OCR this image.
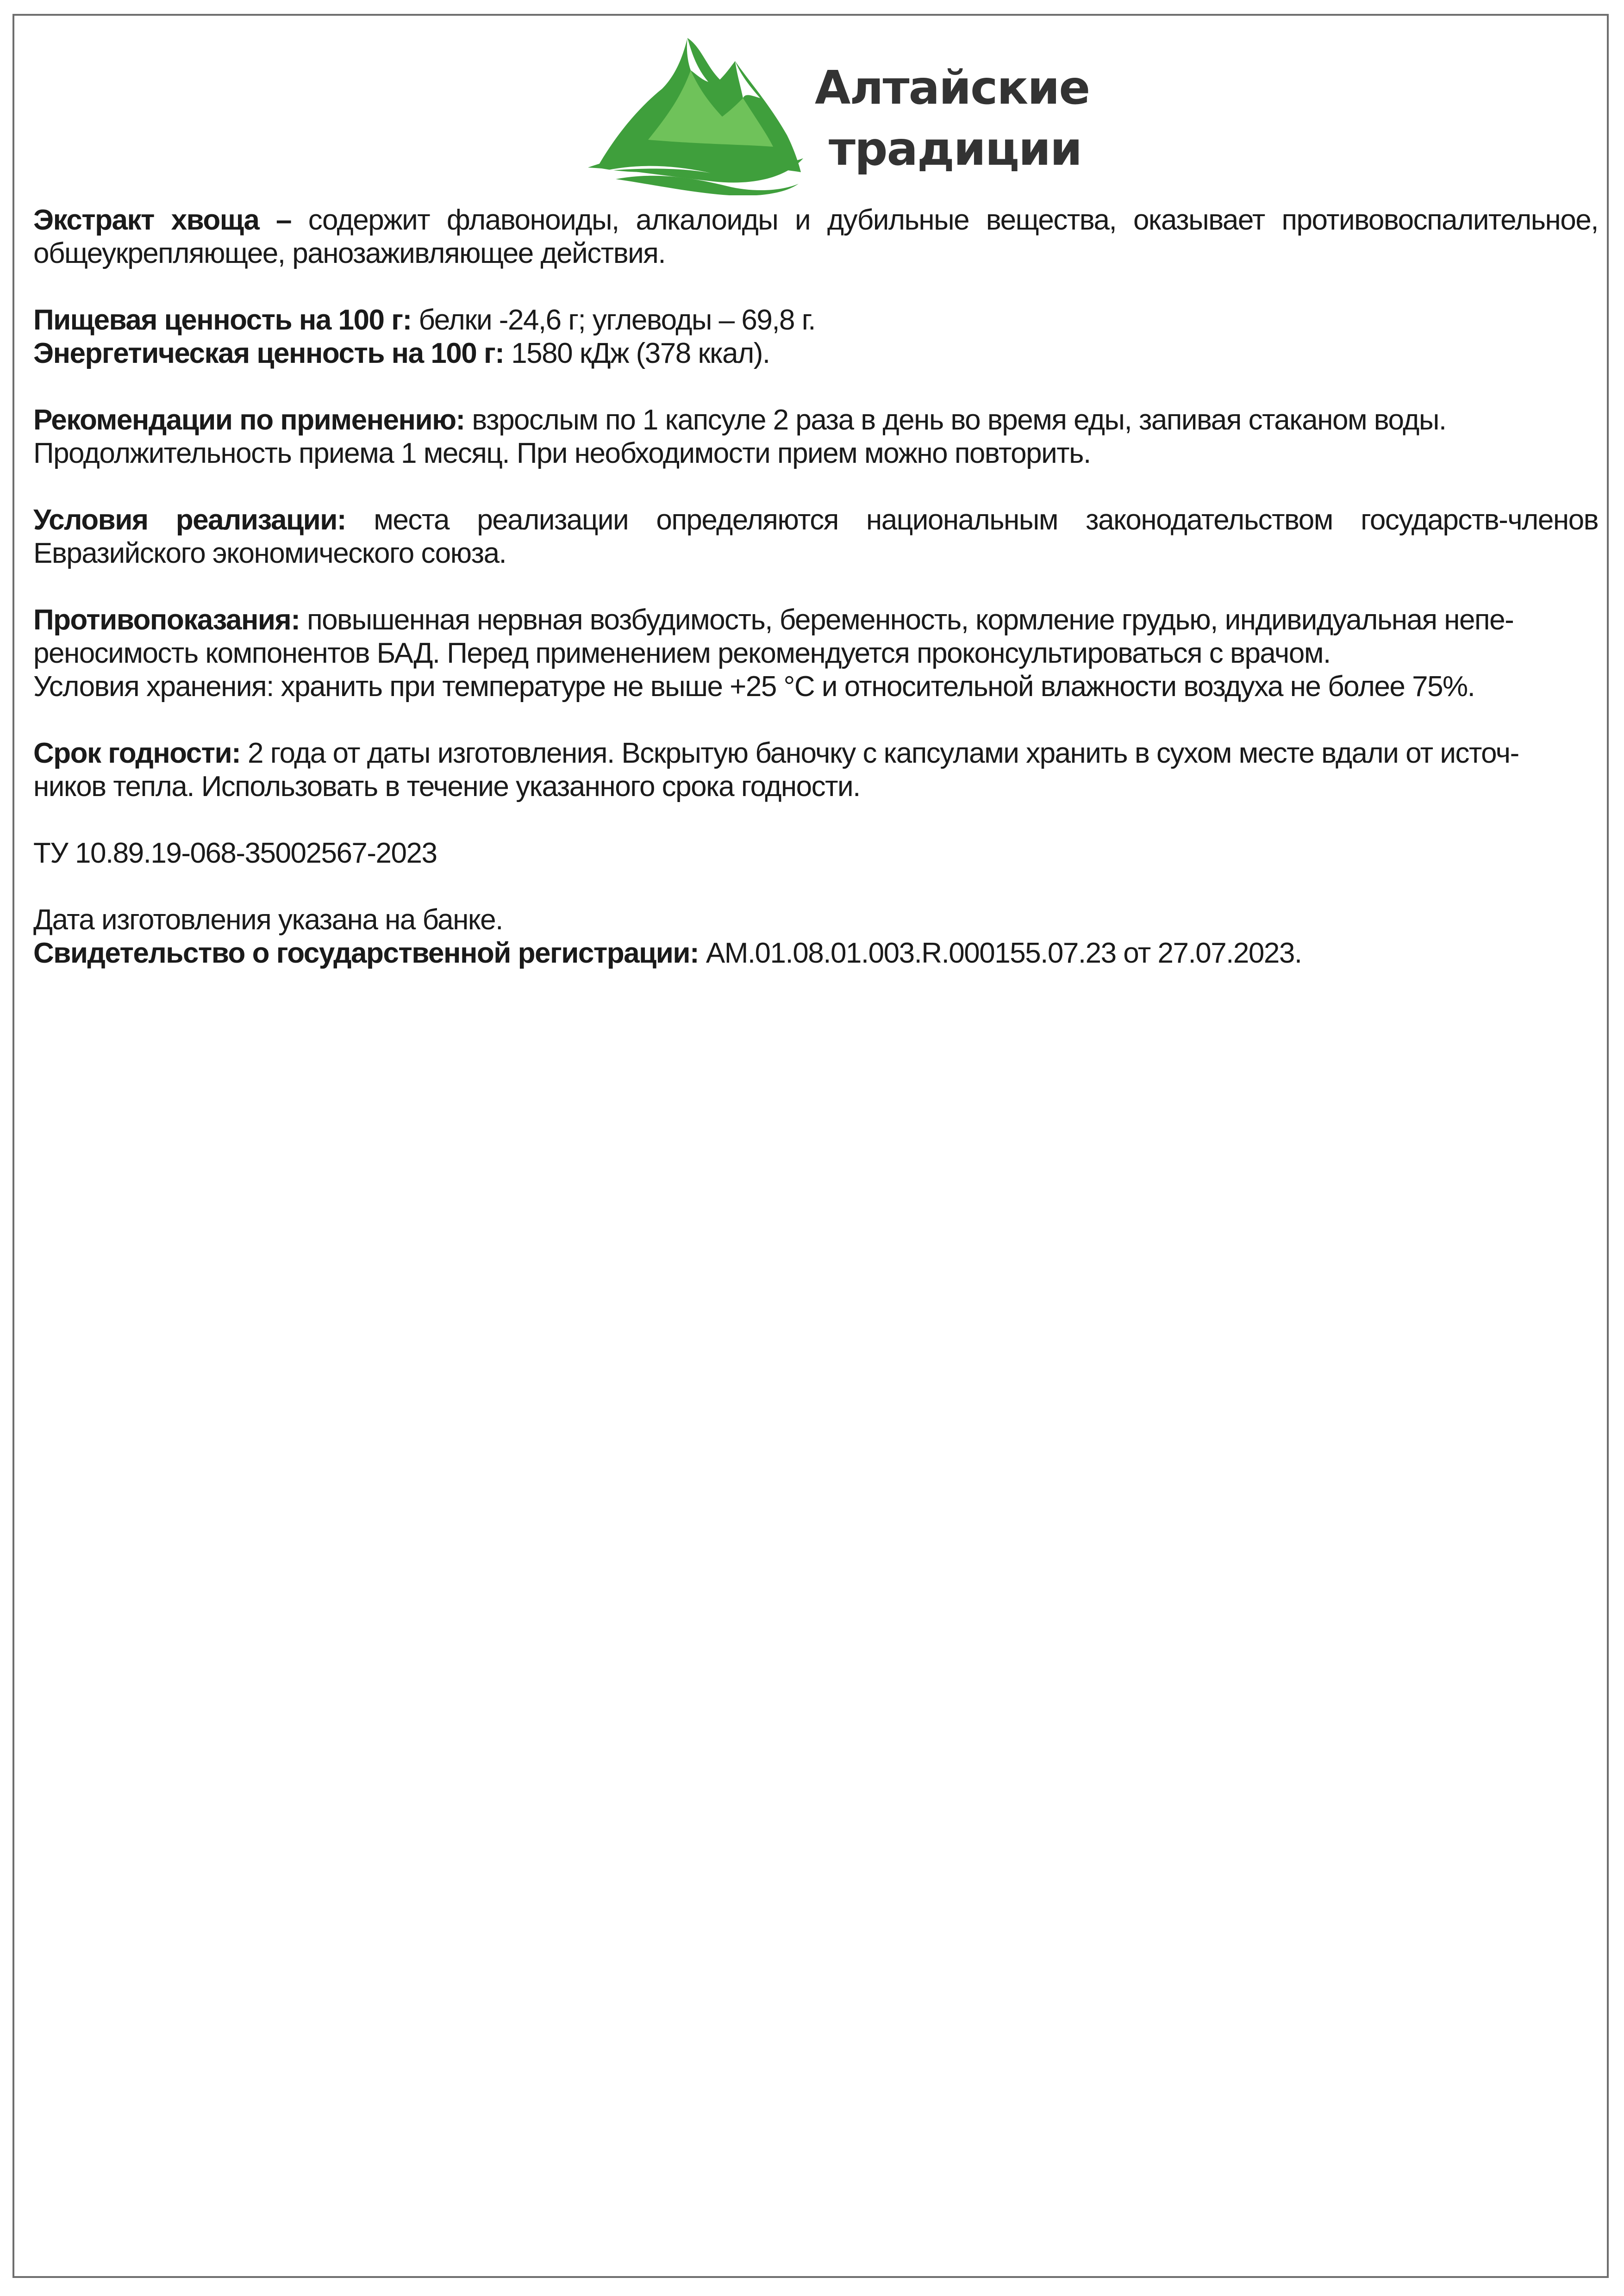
Алтайские
традиции
Экстракт хвоща – содержит флавоноиды, алкалоиды и дубильные вещества, оказывает противовоспалительное, общеукрепляющее, ранозаживляющее действия.

Пищевая ценность на 100 г: белки -24,6 г; углеводы – 69,8 г.

Энергетическая ценность на 100 г: 1580 кДж (378 ккал).

Рекомендации по применению: взрослым по 1 капсуле 2 раза в день во время еды, запивая стаканом воды.

Продолжительность приема 1 месяц. При необходимости прием можно повторить.

Условия реализации: места реализации определяются национальным законодательством государств-членов Евразийского экономического союза.

Противопоказания: повышенная нервная возбудимость, беременность, кормление грудью, индивидуальная непе-

реносимость компонентов БАД. Перед применением рекомендуется проконсультироваться с врачом.

Условия хранения: хранить при температуре не выше +25 °С и относительной влажности воздуха не более 75%.

Срок годности: 2 года от даты изготовления. Вскрытую баночку с капсулами хранить в сухом месте вдали от источ-

ников тепла. Использовать в течение указанного срока годности.

ТУ 10.89.19-068-35002567-2023

Дата изготовления указана на банке.

Свидетельство о государственной регистрации: АМ.01.08.01.003.R.000155.07.23 от 27.07.2023.
